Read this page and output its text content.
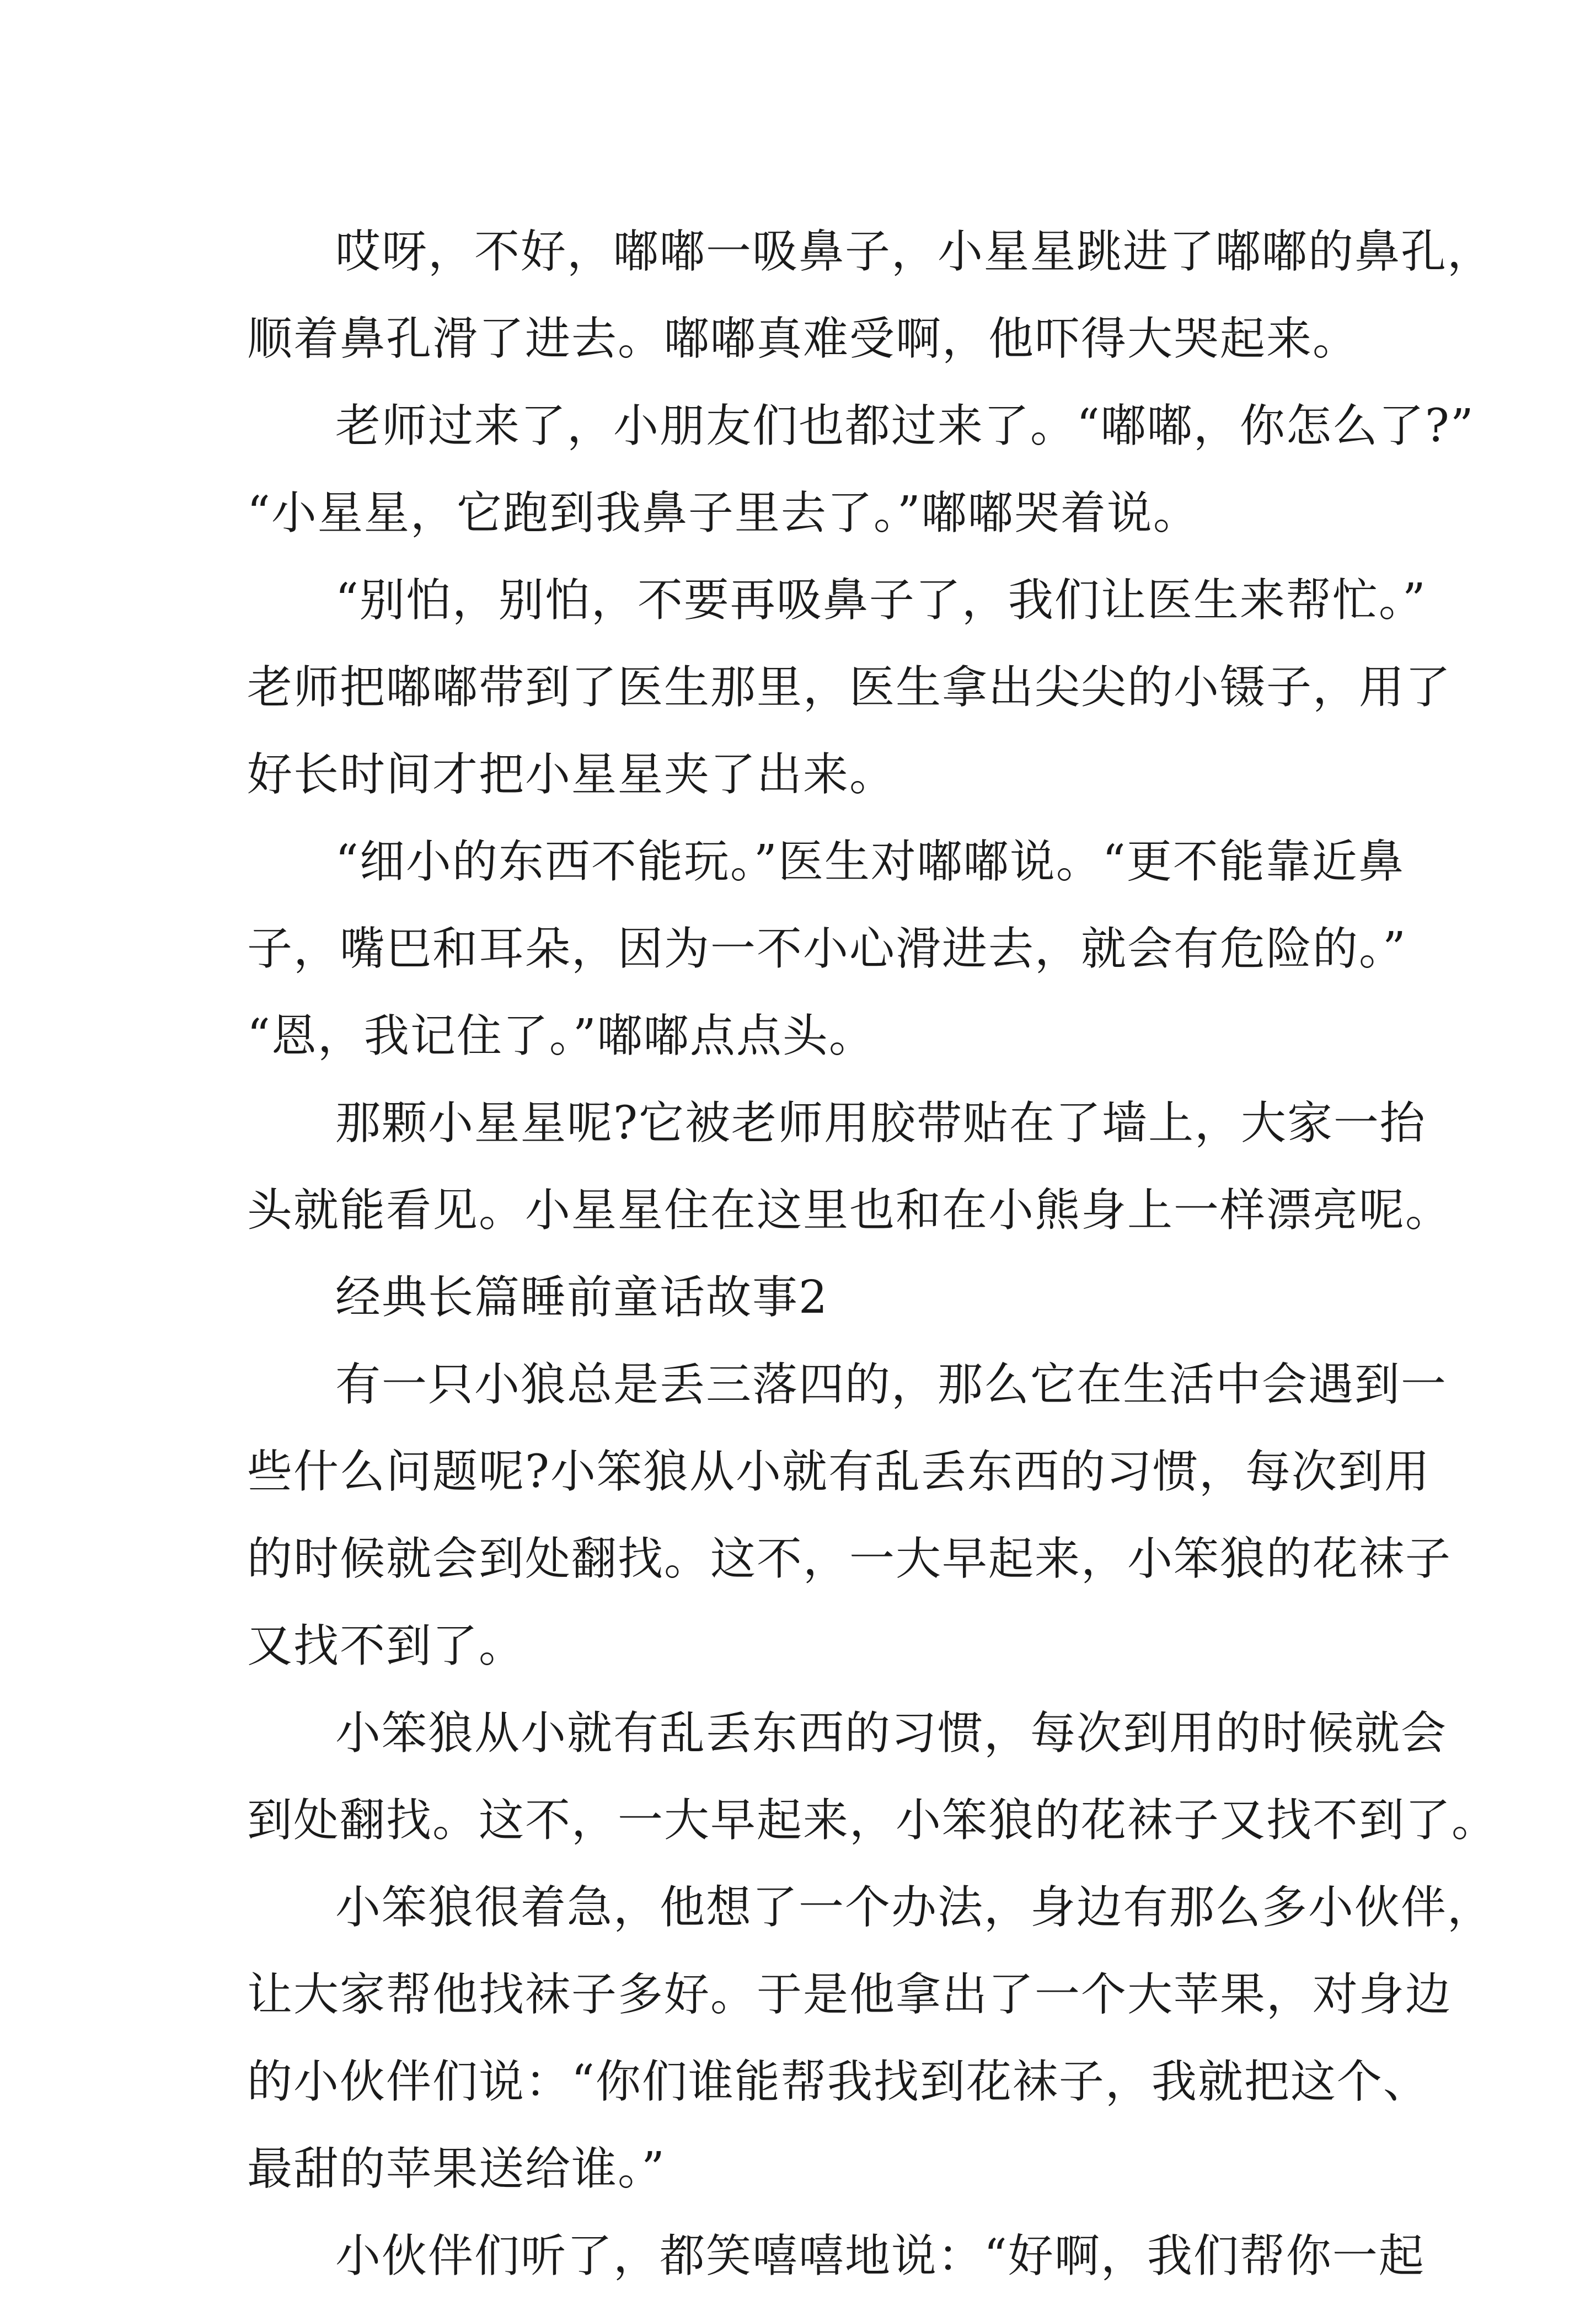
哎呀，不好，嘟嘟一吸鼻子，小星星跳进了嘟嘟的鼻孔，
顺着鼻孔滑了进去。嘟嘟真难受啊，他吓得大哭起来。
老师过来了，小朋友们也都过来了。“嘟嘟，你怎么了?”
“小星星，它跑到我鼻子里去了。”嘟嘟哭着说。
“别怕，别怕，不要再吸鼻子了，我们让医生来帮忙。”
老师把嘟嘟带到了医生那里，医生拿出尖尖的小镊子，用了
好长时间才把小星星夹了出来。
“细小的东西不能玩。”医生对嘟嘟说。“更不能靠近鼻
子，嘴巴和耳朵，因为一不小心滑进去，就会有危险的。”
“恩，我记住了。”嘟嘟点点头。
那颗小星星呢?它被老师用胶带贴在了墙上，大家一抬
头就能看见。小星星住在这里也和在小熊身上一样漂亮呢。
经典长篇睡前童话故事2
有一只小狼总是丢三落四的，那么它在生活中会遇到一
些什么问题呢?小笨狼从小就有乱丢东西的习惯，每次到用
的时候就会到处翻找。这不，一大早起来，小笨狼的花袜子
又找不到了。
小笨狼从小就有乱丢东西的习惯，每次到用的时候就会
到处翻找。这不，一大早起来，小笨狼的花袜子又找不到了。
小笨狼很着急，他想了一个办法，身边有那么多小伙伴，
让大家帮他找袜子多好。于是他拿出了一个大苹果，对身边
的小伙伴们说：“你们谁能帮我找到花袜子，我就把这个、
最甜的苹果送给谁。”
小伙伴们听了，都笑嘻嘻地说：“好啊，我们帮你一起
